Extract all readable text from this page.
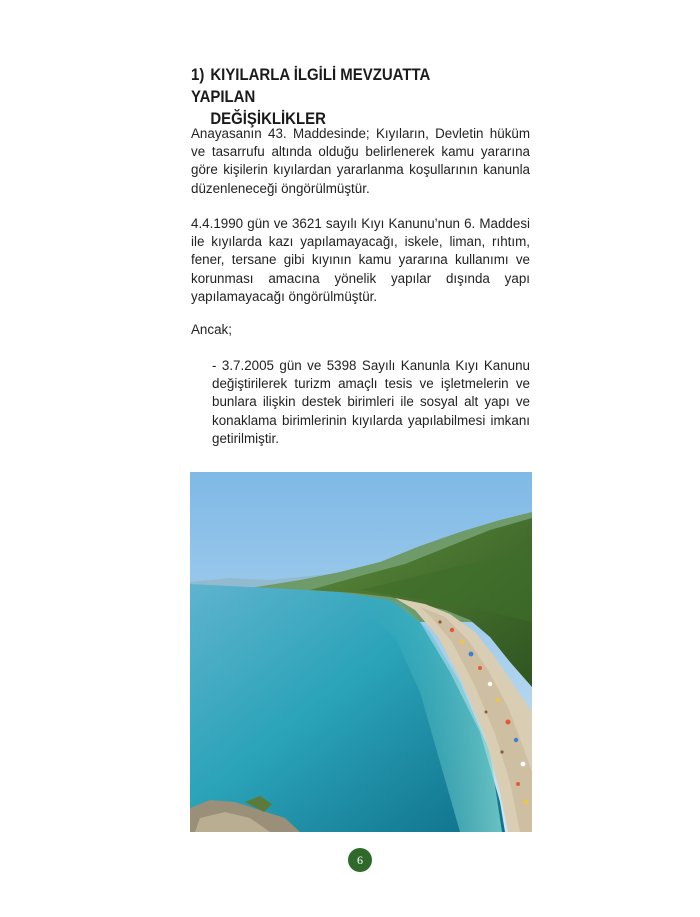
1) KIYILARLA İLGİLİ MEVZUATTA YAPILAN
DEĞİŞİKLİKLER

Anayasanın 43. Maddesinde; Kıyıların, Devletin hüküm ve tasarrufu altında olduğu belirlenerek kamu yararına göre kişilerin kıyılardan yararlanma koşullarının kanunla düzenleneceği öngörülmüştür.

4.4.1990 gün ve 3621 sayılı Kıyı Kanunu’nun 6. Maddesi ile kıyılarda kazı yapılamayacağı, iskele, liman, rıhtım, fener, tersane gibi kıyının kamu yararına kullanımı ve korunması amacına yönelik yapılar dışında yapı yapılamayacağı öngörülmüştür.

Ancak;

- 3.7.2005 gün ve 5398 Sayılı Kanunla Kıyı Kanunu değiştirilerek turizm amaçlı tesis ve işletmelerin ve bunlara ilişkin destek birimleri ile sosyal alt yapı ve konaklama birimlerinin kıyılarda yapılabilmesi imkanı getirilmiştir.

6
